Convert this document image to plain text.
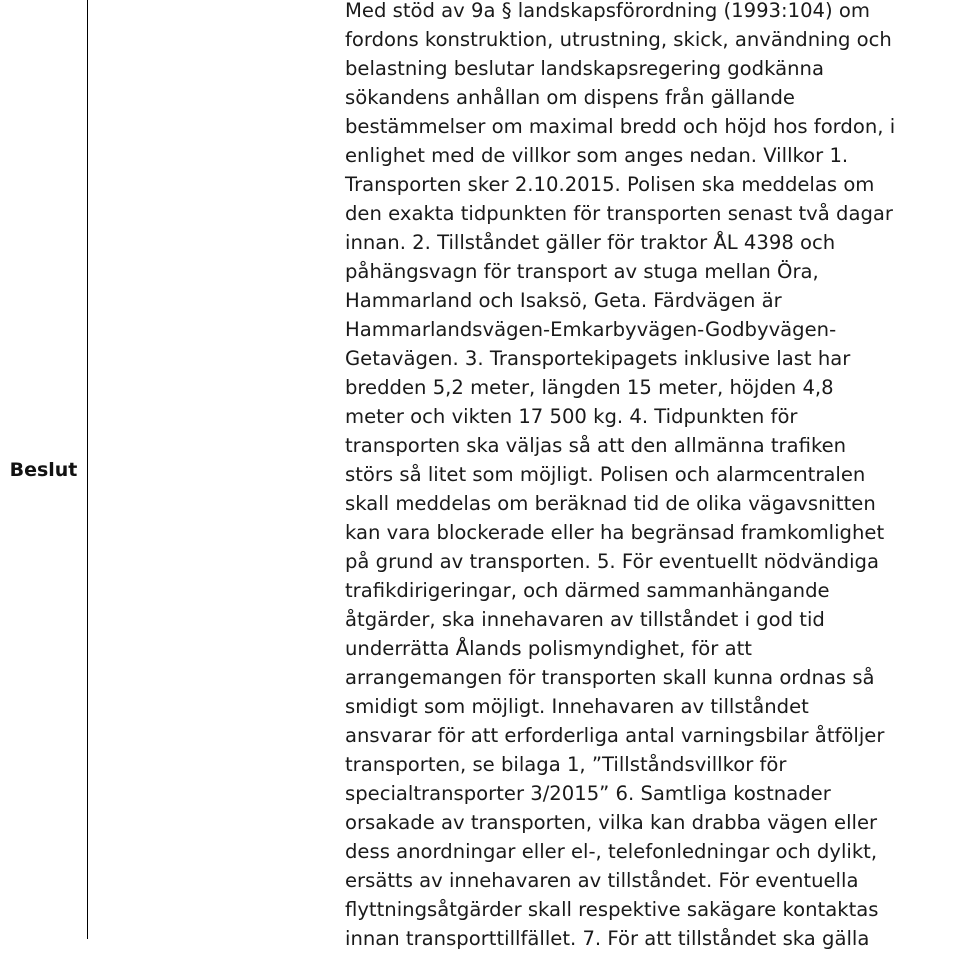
Beslut
Med stöd av 9a § landskapsförordning (1993:104) om
fordons konstruktion, utrustning, skick, användning och
belastning beslutar landskapsregering godkänna
sökandens anhållan om dispens från gällande
bestämmelser om maximal bredd och höjd hos fordon, i
enlighet med de villkor som anges nedan. Villkor 1.
Transporten sker 2.10.2015. Polisen ska meddelas om
den exakta tidpunkten för transporten senast två dagar
innan. 2. Tillståndet gäller för traktor ÅL 4398 och
påhängsvagn för transport av stuga mellan Öra,
Hammarland och Isaksö, Geta. Färdvägen är
Hammarlandsvägen-Emkarbyvägen-Godbyvägen-
Getavägen. 3. Transportekipagets inklusive last har
bredden 5,2 meter, längden 15 meter, höjden 4,8
meter och vikten 17 500 kg. 4. Tidpunkten för
transporten ska väljas så att den allmänna trafiken
störs så litet som möjligt. Polisen och alarmcentralen
skall meddelas om beräknad tid de olika vägavsnitten
kan vara blockerade eller ha begränsad framkomlighet
på grund av transporten. 5. För eventuellt nödvändiga
trafikdirigeringar, och därmed sammanhängande
åtgärder, ska innehavaren av tillståndet i god tid
underrätta Ålands polismyndighet, för att
arrangemangen för transporten skall kunna ordnas så
smidigt som möjligt. Innehavaren av tillståndet
ansvarar för att erforderliga antal varningsbilar åtföljer
transporten, se bilaga 1, ”Tillståndsvillkor för
specialtransporter 3/2015” 6. Samtliga kostnader
orsakade av transporten, vilka kan drabba vägen eller
dess anordningar eller el-, telefonledningar och dylikt,
ersätts av innehavaren av tillståndet. För eventuella
flyttningsåtgärder skall respektive sakägare kontaktas
innan transporttillfället. 7. För att tillståndet ska gälla
